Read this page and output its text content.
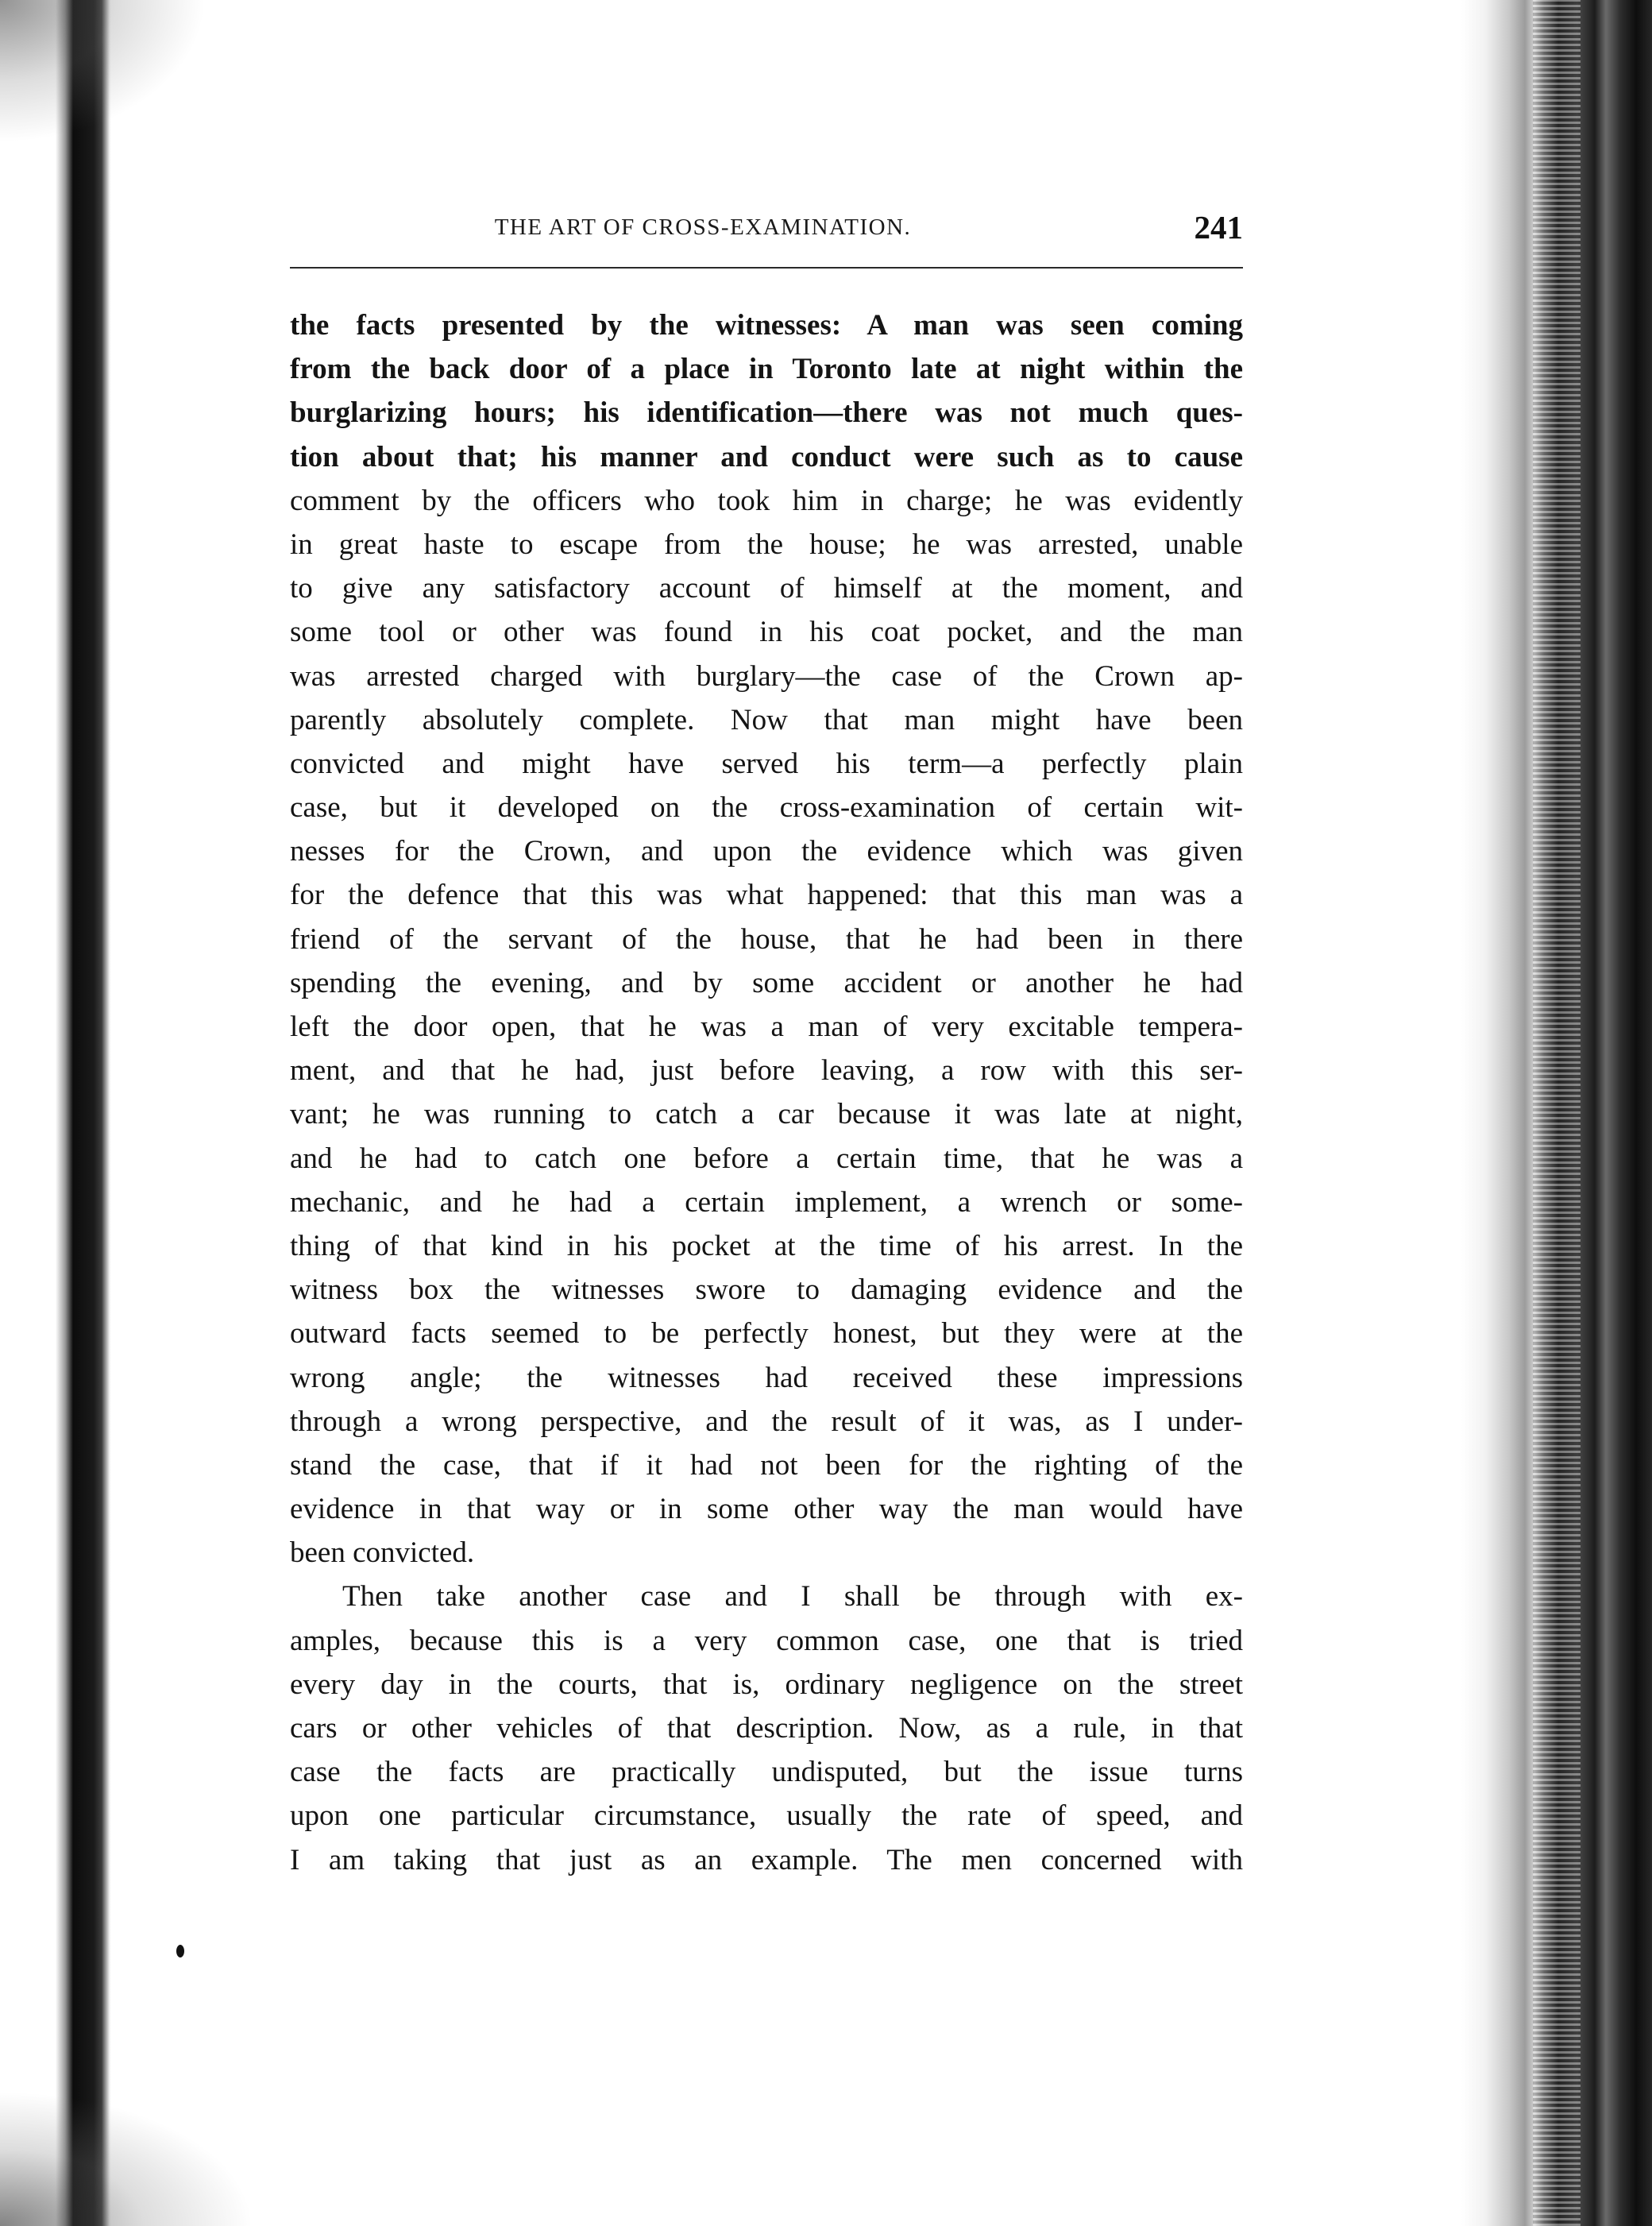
THE ART OF CROSS-EXAMINATION.	241
the facts presented by the witnesses: A man was seen coming
from the back door of a place in Toronto late at night within the
burglarizing hours; his identification—there was not much ques-
tion about that; his manner and conduct were such as to cause
comment by the officers who took him in charge; he was evidently
in great haste to escape from the house; he was arrested, unable
to give any satisfactory account of himself at the moment, and
some tool or other was found in his coat pocket, and the man
was arrested charged with burglary—the case of the Crown ap-
parently absolutely complete. Now that man might have been
convicted and might have served his term—a perfectly plain
case, but it developed on the cross-examination of certain wit-
nesses for the Crown, and upon the evidence which was given
for the defence that this was what happened: that this man was a
friend of the servant of the house, that he had been in there
spending the evening, and by some accident or another he had
left the door open, that he was a man of very excitable tempera-
ment, and that he had, just before leaving, a row with this ser-
vant; he was running to catch a car because it was late at night,
and he had to catch one before a certain time, that he was a
mechanic, and he had a certain implement, a wrench or some-
thing of that kind in his pocket at the time of his arrest. In the
witness box the witnesses swore to damaging evidence and the
outward facts seemed to be perfectly honest, but they were at the
wrong angle; the witnesses had received these impressions
through a wrong perspective, and the result of it was, as I under-
stand the case, that if it had not been for the righting of the
evidence in that way or in some other way the man would have
been convicted.
Then take another case and I shall be through with ex-
amples, because this is a very common case, one that is tried
every day in the courts, that is, ordinary negligence on the street
cars or other vehicles of that description. Now, as a rule, in that
case the facts are practically undisputed, but the issue turns
upon one particular circumstance, usually the rate of speed, and
I am taking that just as an example. The men concerned with
